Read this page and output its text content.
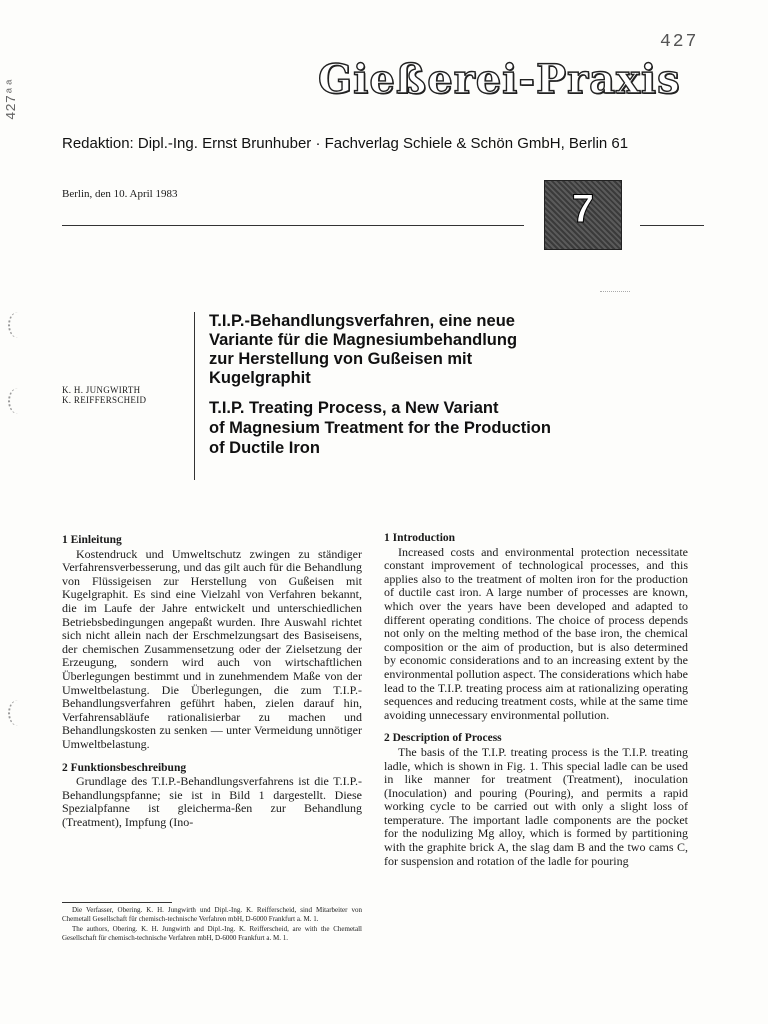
427
427ᵃᵃ	Gießerei-Praxis
Redaktion: Dipl.-Ing. Ernst Brunhuber · Fachverlag Schiele & Schön GmbH, Berlin 61
Berlin, den 10. April 1983	7
K. H. JUNGWIRTH
K. REIFFERSCHEID

T.I.P.-Behandlungsverfahren, eine neue

Variante für die Magnesiumbehandlung

zur Herstellung von Gußeisen mit

Kugelgraphit

T.I.P. Treating Process, a New Variant

of Magnesium Treatment for the Production

of Ductile Iron

1 Einleitung

Kostendruck und Umweltschutz zwingen zu ständiger Verfahrensverbesserung, und das gilt auch für die Behandlung von Flüssigeisen zur Herstellung von Gußeisen mit Kugelgraphit. Es sind eine Vielzahl von Verfahren bekannt, die im Laufe der Jahre entwickelt und unterschiedlichen Betriebsbedingungen angepaßt wurden. Ihre Auswahl richtet sich nicht allein nach der Erschmelzungsart des Basiseisens, der chemischen Zusammensetzung oder der Zielsetzung der Erzeugung, sondern wird auch von wirtschaftlichen Überlegungen bestimmt und in zunehmendem Maße von der Umweltbelastung. Die Überlegungen, die zum T.I.P.-Behandlungsverfahren geführt haben, zielen darauf hin, Verfahrensabläufe rationalisierbar zu machen und Behandlungskosten zu senken — unter Vermeidung unnötiger Umweltbelastung.

2 Funktionsbeschreibung

Grundlage des T.I.P.-Behandlungsverfahrens ist die T.I.P.-Behandlungspfanne; sie ist in Bild 1 dargestellt. Diese Spezialpfanne ist gleicherma-ßen zur Behandlung (Treatment), Impfung (Ino-

Die Verfasser, Obering. K. H. Jungwirth und Dipl.-Ing. K. Reifferscheid, sind Mitarbeiter von Chemetall Gesellschaft für chemisch-technische Verfahren mbH, D-6000 Frankfurt a. M. 1.

The authors, Obering. K. H. Jungwirth and Dipl.-Ing. K. Reifferscheid, are with the Chemetall Gesellschaft für chemisch-technische Verfahren mbH, D-6000 Frankfurt a. M. 1.

1 Introduction

Increased costs and environmental protection necessitate constant improvement of technological processes, and this applies also to the treatment of molten iron for the production of ductile cast iron. A large number of processes are known, which over the years have been developed and adapted to different operating conditions. The choice of process depends not only on the melting method of the base iron, the chemical composition or the aim of production, but is also determined by economic considerations and to an increasing extent by the environmental pollution aspect. The considerations which habe lead to the T.I.P. treating process aim at rationalizing operating sequences and reducing treatment costs, while at the same time avoiding unnecessary environmental pollution.

2 Description of Process

The basis of the T.I.P. treating process is the T.I.P. treating ladle, which is shown in Fig. 1. This special ladle can be used in like manner for treatment (Treatment), inoculation (Inoculation) and pouring (Pouring), and permits a rapid working cycle to be carried out with only a slight loss of temperature. The important ladle components are the pocket for the nodulizing Mg alloy, which is formed by partitioning with the graphite brick A, the slag dam B and the two cams C, for suspension and rotation of the ladle for pouring
